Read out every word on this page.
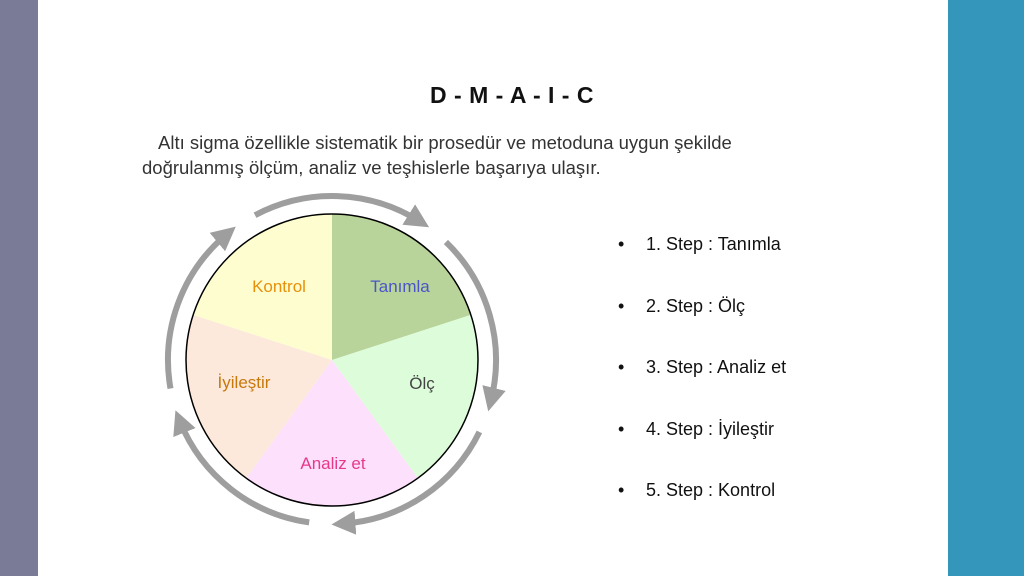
D - M - A - I - C
Altı sigma özellikle sistematik bir prosedür ve metoduna uygun şekilde
doğrulanmış ölçüm, analiz ve teşhislerle başarıya ulaşır.
Tanımla
Ölç
Analiz et
İyileştir
Kontrol
• 1. Step : Tanımla
• 2. Step : Ölç
• 3. Step : Analiz et
• 4. Step : İyileştir
• 5. Step : Kontrol
